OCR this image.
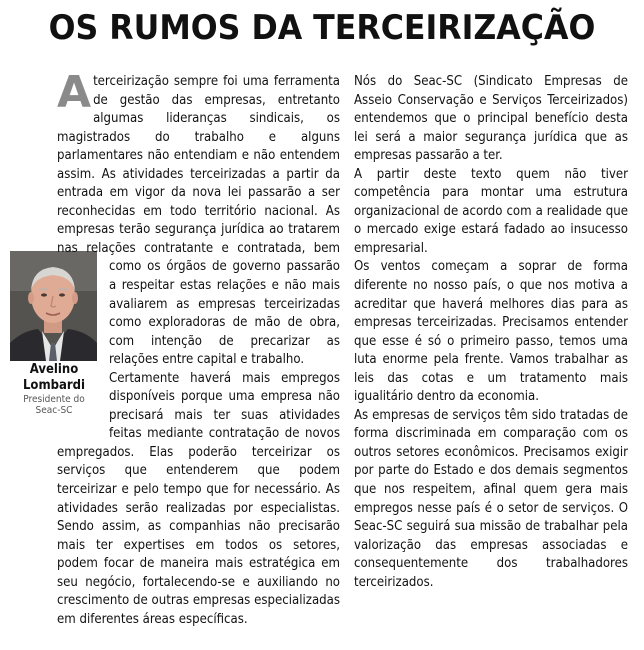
OS RUMOS DA TERCEIRIZAÇÃO
Avelino
Lombardi
Presidente do
Seac-SC

A terceirização sempre foi uma ferramenta de gestão das empresas, entretanto algumas lideranças sindicais, os magistrados do trabalho e alguns parlamentares não entendiam e não entendem assim. As atividades terceirizadas a partir da entrada em vigor da nova lei passarão a ser reconhecidas em todo território nacional. As empresas terão segurança jurídica ao tratarem nas relações contratante e contratada, bem
como os órgãos de governo passarão a respeitar estas relações e não mais avaliarem as empresas terceirizadas como exploradoras de mão de obra, com intenção de precarizar as relações entre capital e trabalho.

Certamente haverá mais empregos disponíveis porque uma empresa não precisará mais ter suas atividades feitas mediante contratação de novos empregados. Elas poderão terceirizar os serviços que entenderem que podem terceirizar e pelo tempo que for necessário. As atividades serão realizadas por especialistas. Sendo assim, as companhias não precisarão mais ter expertises em todos os setores, podem focar de maneira mais estratégica em seu negócio, fortalecendo-se e auxiliando no crescimento de outras empresas especializadas em diferentes áreas específicas.

Nós do Seac-SC (Sindicato Empresas de Asseio Conservação e Serviços Terceirizados) entendemos que o principal benefício desta lei será a maior segurança jurídica que as empresas passarão a ter.

A partir deste texto quem não tiver competência para montar uma estrutura organizacional de acordo com a realidade que o mercado exige estará fadado ao insucesso empresarial.

Os ventos começam a soprar de forma diferente no nosso país, o que nos motiva a acreditar que haverá melhores dias para as empresas terceirizadas. Precisamos entender que esse é só o primeiro passo, temos uma luta enorme pela frente. Vamos trabalhar as leis das cotas e um tratamento mais igualitário dentro da economia.

As empresas de serviços têm sido tratadas de forma discriminada em comparação com os outros setores econômicos. Precisamos exigir por parte do Estado e dos demais segmentos que nos respeitem, afinal quem gera mais empregos nesse país é o setor de serviços. O Seac-SC seguirá sua missão de trabalhar pela valorização das empresas associadas e consequentemente dos trabalhadores terceirizados.
